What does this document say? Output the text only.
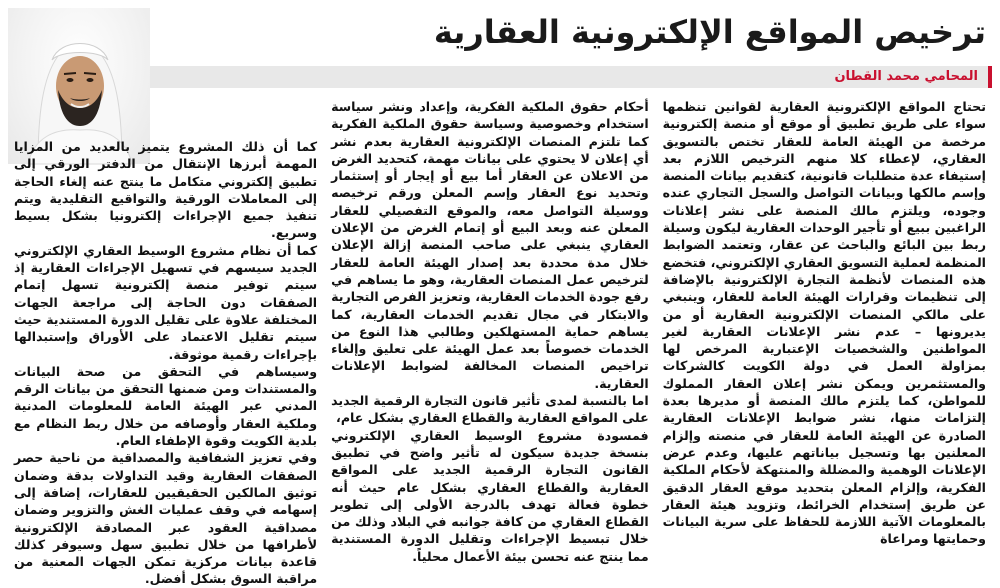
ترخيص المواقع الإلكترونية العقارية
المحامي محمد القطان

تحتاج المواقع الإلكترونية العقارية لقوانين تنظمها سواء على طريق تطبيق أو موقع أو منصة إلكترونية مرخصة من الهيئة العامة للعقار تختص بالتسويق العقاري، لإعطاء كلا منهم الترخيص اللازم بعد إستيفاء عدة متطلبات قانونية، كتقديم بيانات المنصة وإسم مالكها وبيانات التواصل والسجل التجاري عنده وجوده، ويلتزم مالك المنصة على نشر إعلانات الراغبين ببيع أو تأجير الوحدات العقارية ليكون وسيلة ربط بين البائع والباحث عن عقار، وتعتمد الضوابط المنظمة لعملية التسويق العقاري الإلكتروني، فتخضع هذه المنصات لأنظمة التجارة الإلكترونية بالإضافة إلى تنظيمات وقرارات الهيئة العامة للعقار، وينبغي على مالكي المنصات الإلكترونية العقارية أو من يديرونها – عدم نشر الإعلانات العقارية لغير المواطنين والشخصيات الإعتبارية المرخص لها بمزاولة العمل في دولة الكويت كالشركات والمستثمرين ويمكن نشر إعلان العقار المملوك للمواطن، كما يلتزم مالك المنصة أو مديرها بعدة إلتزامات منها، نشر ضوابط الإعلانات العقارية الصادرة عن الهيئة العامة للعقار في منصته وإلزام المعلنين بها وتسجيل بياناتهم عليها، وعدم عرض الإعلانات الوهمية والمضللة والمنتهكة لأحكام الملكية الفكرية، وإلزام المعلن بتحديد موقع العقار الدقيق عن طريق إستخدام الخرائط، وتزويد هيئة العقار بالمعلومات الآتية اللازمة للحفاظ على سرية البيانات وحمايتها ومراعاة

أحكام حقوق الملكية الفكرية، وإعداد ونشر سياسة استخدام وخصوصية وسياسة حقوق الملكية الفكرية كما تلتزم المنصات الإلكترونية العقارية بعدم نشر أي إعلان لا يحتوي على بيانات مهمة، كتحديد الغرض من الاعلان عن العقار أما بيع أو إيجار أو إستثمار وتحديد نوع العقار وإسم المعلن ورقم ترخيصه ووسيلة التواصل معه، والموقع التفصيلي للعقار المعلن عنه وبعد البيع أو إتمام الغرض من الإعلان العقاري ينبغي على صاحب المنصة إزالة الإعلان خلال مدة محددة بعد إصدار الهيئة العامة للعقار لترخيص عمل المنصات العقارية، وهو ما يساهم في رفع جودة الخدمات العقارية، وتعزيز الفرص التجارية والابتكار في مجال تقديم الخدمات العقارية، كما يساهم حماية المستهلكين وطالبي هذا النوع من الخدمات خصوصاً بعد عمل الهيئة على تعليق وإلغاء تراخيص المنصات المخالفة لضوابط الإعلانات العقارية.

اما بالنسبة لمدى تأثير قانون التجارة الرقمية الجديد على المواقع العقارية والقطاع العقاري بشكل عام،

فمسودة مشروع الوسيط العقاري الإلكتروني بنسخة جديدة سيكون له تأثير واضح في تطبيق القانون التجارة الرقمية الجديد على المواقع العقارية والقطاع العقاري بشكل عام حيث أنه خطوة فعالة تهدف بالدرجة الأولى إلى تطوير القطاع العقاري من كافة جوانبه في البلاد وذلك من خلال تبسيط الإجراءات وتقليل الدورة المستندية مما ينتج عنه تحسن بيئة الأعمال محلياً.

كما أن ذلك المشروع يتميز بالعديد من المزايا المهمة أبرزها الإنتقال من الدفتر الورقي إلى تطبيق إلكتروني متكامل ما ينتج عنه إلغاء الحاجة إلى المعاملات الورقية والتواقيع التقليدية ويتم تنفيذ جميع الإجراءات إلكترونيا بشكل بسيط وسريع.

كما أن نظام مشروع الوسيط العقاري الإلكتروني الجديد سيسهم في تسهيل الإجراءات العقارية إذ سيتم توفير منصة إلكترونية تسهل إتمام الصفقات دون الحاجة إلى مراجعة الجهات المختلفة علاوة على تقليل الدورة المستندية حيث سيتم تقليل الاعتماد على الأوراق وإستبدالها بإجراءات رقمية موثوقة.

وسيساهم في التحقق من صحة البيانات والمستندات ومن ضمنها التحقق من بيانات الرقم المدني عبر الهيئة العامة للمعلومات المدنية وملكية العقار وأوصافه من خلال ربط النظام مع بلدية الكويت وقوة الإطفاء العام.

وفي تعزيز الشفافية والمصداقية من ناحية حصر الصفقات العقارية وقيد التداولات بدقة وضمان توثيق المالكين الحقيقيين للعقارات، إضافة إلى إسهامه في وقف عمليات الغش والتزوير وضمان مصداقية العقود عبر المصادقة الإلكترونية لأطرافها من خلال تطبيق سهل وسيوفر كذلك قاعدة بيانات مركزية تمكن الجهات المعنية من مراقبة السوق بشكل أفضل.
